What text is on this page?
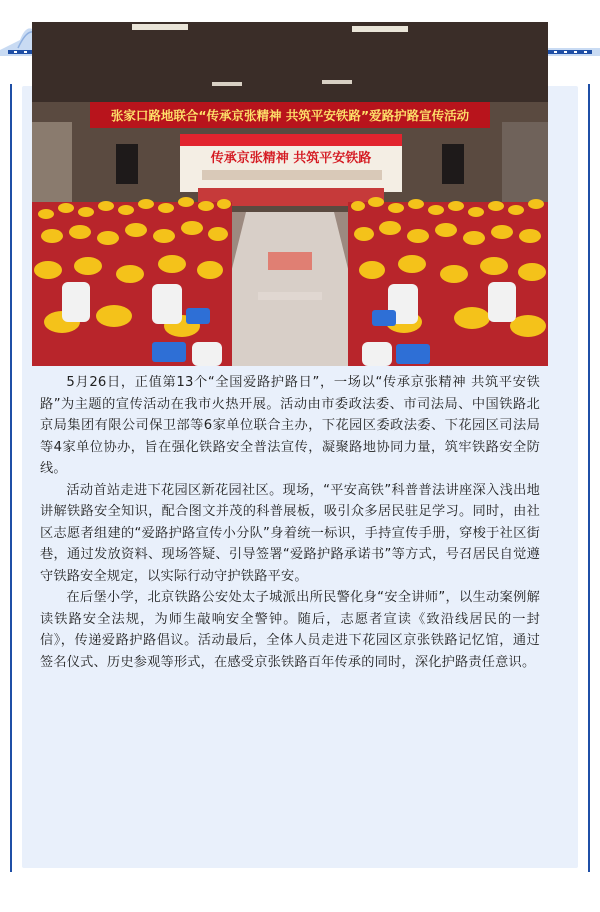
张家口路地联合“传承京张精神 共筑平安铁路”爱路护路宣传活动
传承京张精神 共筑平安铁路

5月26日，正值第13个“全国爱路护路日”，一场以“传承京张精神 共筑平安铁路”为主题的宣传活动在我市火热开展。活动由市委政法委、市司法局、中国铁路北京局集团有限公司保卫部等6家单位联合主办，下花园区委政法委、下花园区司法局等4家单位协办，旨在强化铁路安全普法宣传，凝聚路地协同力量，筑牢铁路安全防线。

活动首站走进下花园区新花园社区。现场，“平安高铁”科普普法讲座深入浅出地讲解铁路安全知识，配合图文并茂的科普展板，吸引众多居民驻足学习。同时，由社区志愿者组建的“爱路护路宣传小分队”身着统一标识，手持宣传手册，穿梭于社区街巷，通过发放资料、现场答疑、引导签署“爱路护路承诺书”等方式，号召居民自觉遵守铁路安全规定，以实际行动守护铁路平安。

在后堡小学，北京铁路公安处太子城派出所民警化身“安全讲师”，以生动案例解读铁路安全法规，为师生敲响安全警钟。随后，志愿者宣读《致沿线居民的一封信》，传递爱路护路倡议。活动最后，全体人员走进下花园区京张铁路记忆馆，通过签名仪式、历史参观等形式，在感受京张铁路百年传承的同时，深化护路责任意识。
